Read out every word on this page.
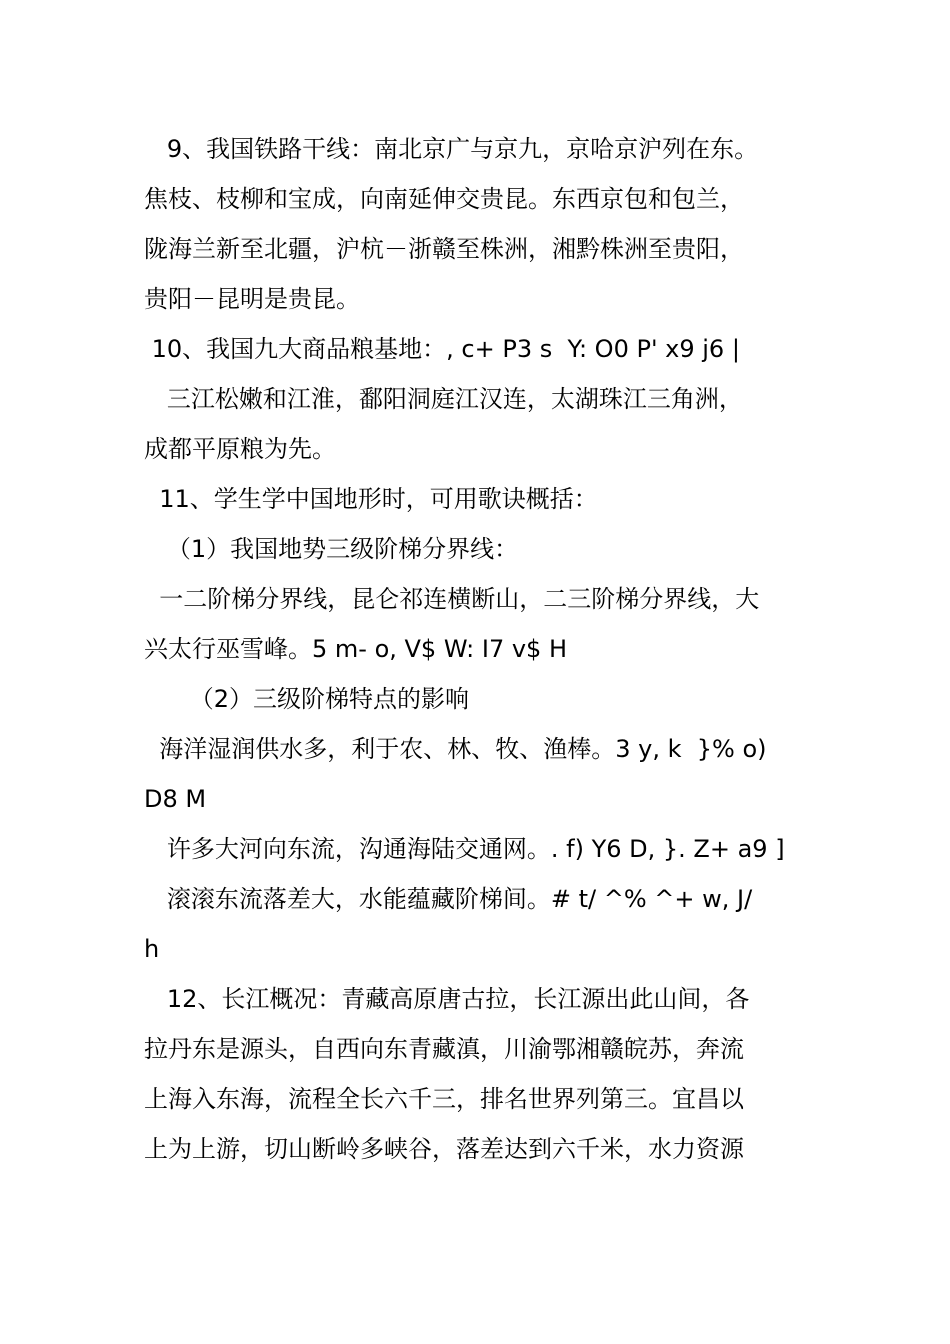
9、我国铁路干线：南北京广与京九，京哈京沪列在东。
焦枝、枝柳和宝成，向南延伸交贵昆。东西京包和包兰，
陇海兰新至北疆，沪杭－浙赣至株洲，湘黔株洲至贵阳，
贵阳－昆明是贵昆。
10、我国九大商品粮基地：, c+ P3 s  Y: O0 P' x9 j6 |
三江松嫩和江淮，鄱阳洞庭江汉连，太湖珠江三角洲，
成都平原粮为先。
11、学生学中国地形时，可用歌诀概括：
（1）我国地势三级阶梯分界线：
一二阶梯分界线，昆仑祁连横断山，二三阶梯分界线，大
兴太行巫雪峰。5 m- o, V$ W: I7 v$ H
（2）三级阶梯特点的影响
海洋湿润供水多，利于农、林、牧、渔棒。3 y, k  }% o)
D8 M
许多大河向东流，沟通海陆交通网。. f) Y6 D, }. Z+ a9 ]
滚滚东流落差大，水能蕴藏阶梯间。# t/ ^% ^+ w, J/
h
12、长江概况：青藏高原唐古拉，长江源出此山间，各
拉丹东是源头，自西向东青藏滇，川渝鄂湘赣皖苏，奔流
上海入东海，流程全长六千三，排名世界列第三。宜昌以
上为上游，切山断岭多峡谷，落差达到六千米，水力资源
